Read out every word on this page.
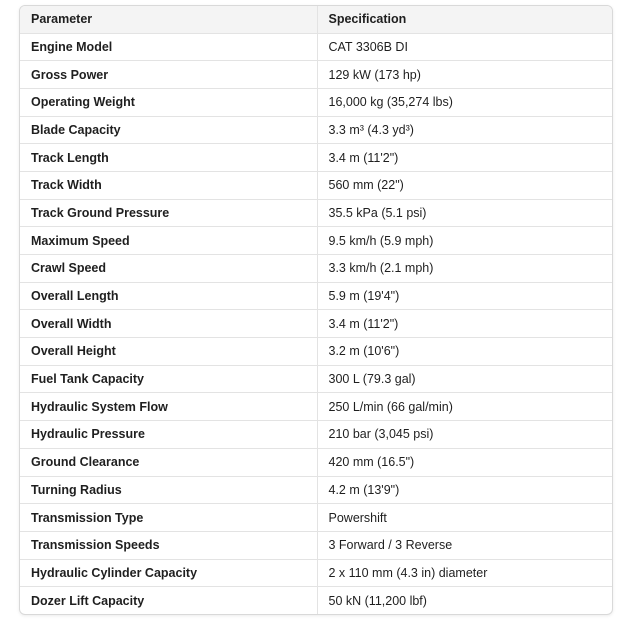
Parameter	Specification
Engine Model	CAT 3306B DI
Gross Power	129 kW (173 hp)
Operating Weight	16,000 kg (35,274 lbs)
Blade Capacity	3.3 m³ (4.3 yd³)
Track Length	3.4 m (11'2")
Track Width	560 mm (22")
Track Ground Pressure	35.5 kPa (5.1 psi)
Maximum Speed	9.5 km/h (5.9 mph)
Crawl Speed	3.3 km/h (2.1 mph)
Overall Length	5.9 m (19'4")
Overall Width	3.4 m (11'2")
Overall Height	3.2 m (10'6")
Fuel Tank Capacity	300 L (79.3 gal)
Hydraulic System Flow	250 L/min (66 gal/min)
Hydraulic Pressure	210 bar (3,045 psi)
Ground Clearance	420 mm (16.5")
Turning Radius	4.2 m (13'9")
Transmission Type	Powershift
Transmission Speeds	3 Forward / 3 Reverse
Hydraulic Cylinder Capacity	2 x 110 mm (4.3 in) diameter
Dozer Lift Capacity	50 kN (11,200 lbf)
